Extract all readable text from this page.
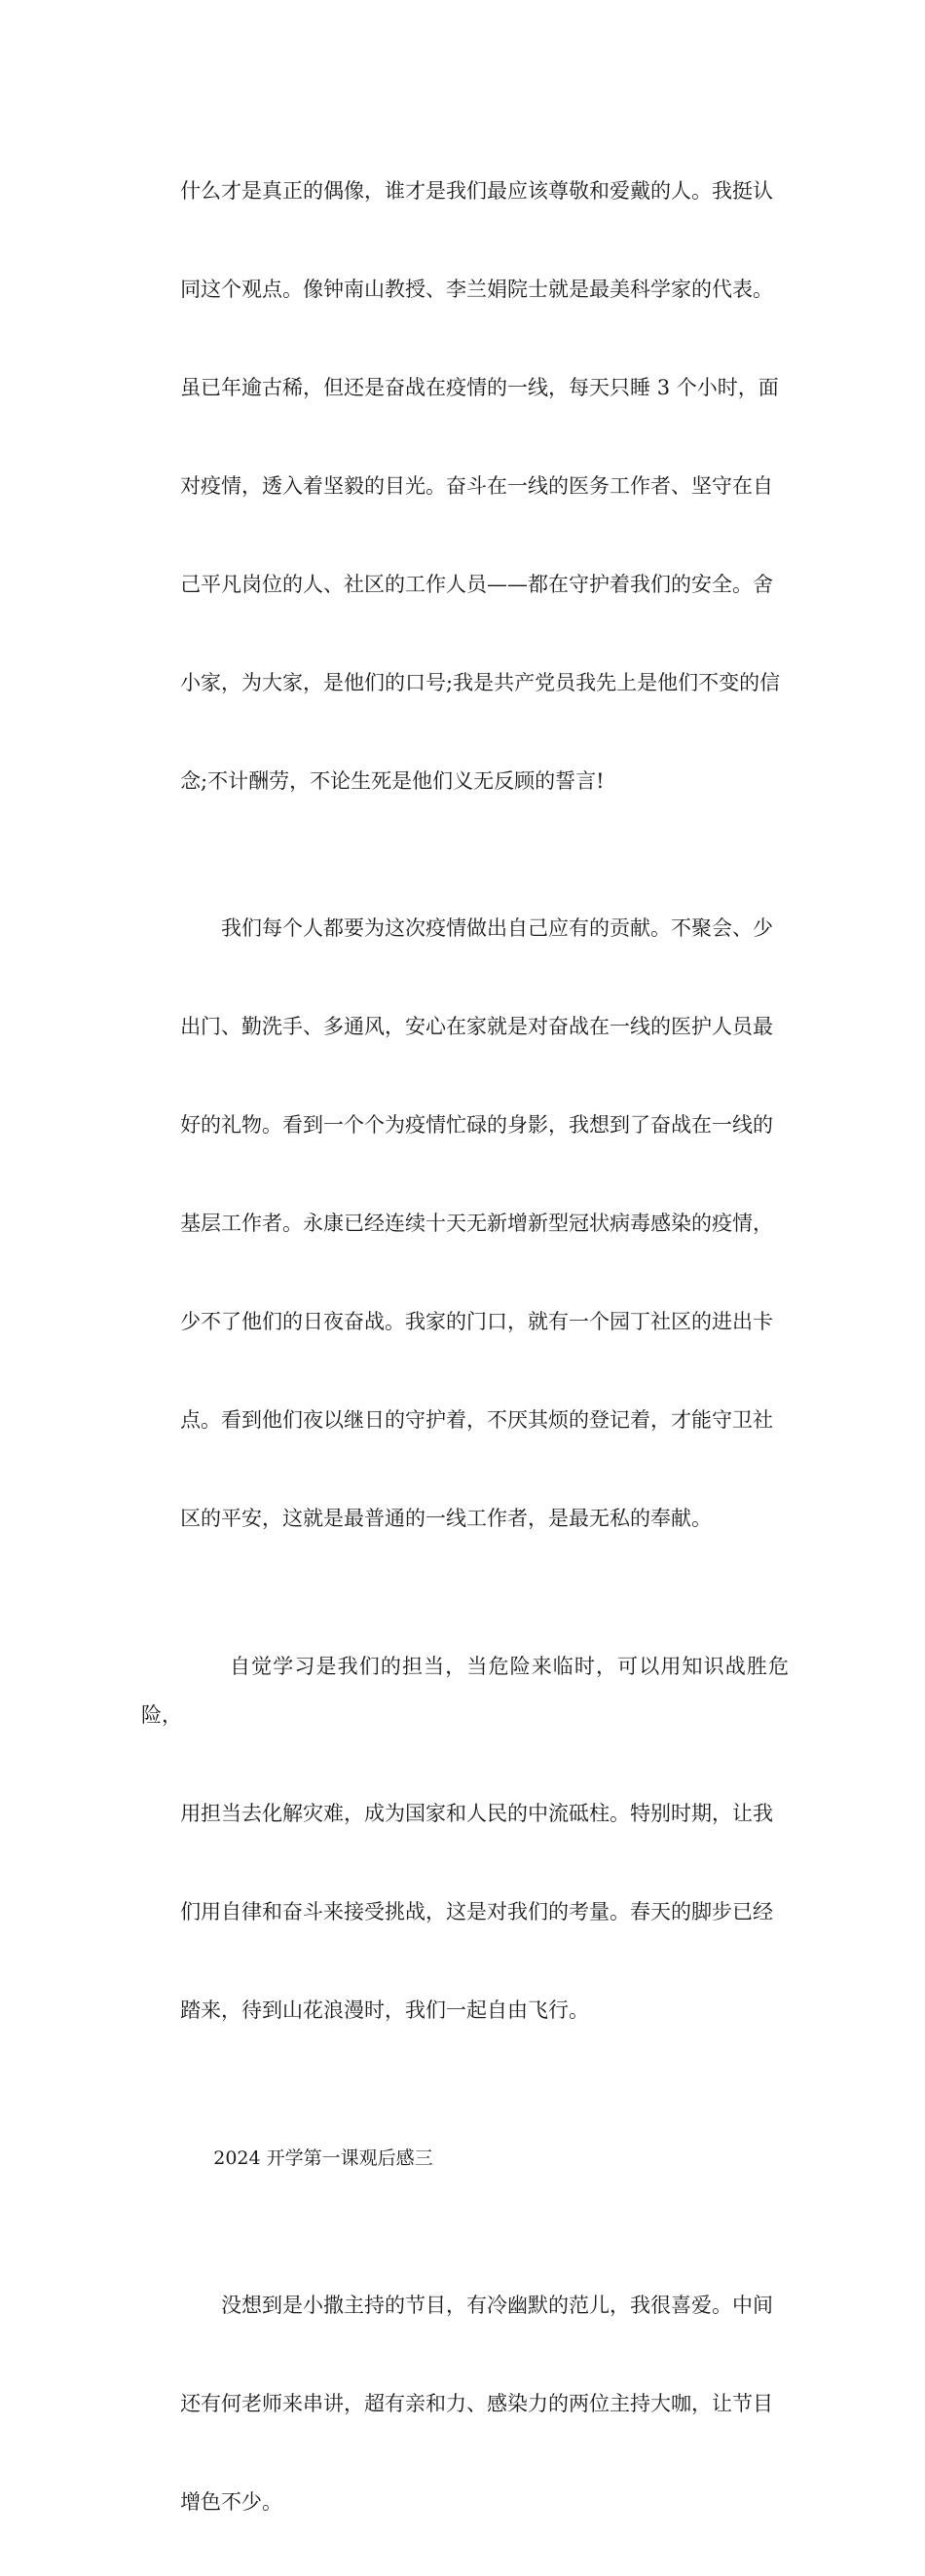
什么才是真正的偶像，谁才是我们最应该尊敬和爱戴的人。我挺认

同这个观点。像钟南山教授、李兰娟院士就是最美科学家的代表。

虽已年逾古稀，但还是奋战在疫情的一线，每天只睡 3 个小时，面

对疫情，透入着坚毅的目光。奋斗在一线的医务工作者、坚守在自

己平凡岗位的人、社区的工作人员——都在守护着我们的安全。舍

小家，为大家，是他们的口号;我是共产党员我先上是他们不变的信

念;不计酬劳，不论生死是他们义无反顾的誓言!

　　我们每个人都要为这次疫情做出自己应有的贡献。不聚会、少

出门、勤洗手、多通风，安心在家就是对奋战在一线的医护人员最

好的礼物。看到一个个为疫情忙碌的身影，我想到了奋战在一线的

基层工作者。永康已经连续十天无新增新型冠状病毒感染的疫情，

少不了他们的日夜奋战。我家的门口，就有一个园丁社区的进出卡

点。看到他们夜以继日的守护着，不厌其烦的登记着，才能守卫社

区的平安，这就是最普通的一线工作者，是最无私的奉献。

　　自觉学习是我们的担当，当危险来临时，可以用知识战胜危险，

用担当去化解灾难，成为国家和人民的中流砥柱。特别时期，让我

们用自律和奋斗来接受挑战，这是对我们的考量。春天的脚步已经

踏来，待到山花浪漫时，我们一起自由飞行。

　　2024 开学第一课观后感三

　　没想到是小撒主持的节目，有冷幽默的范儿，我很喜爱。中间

还有何老师来串讲，超有亲和力、感染力的两位主持大咖，让节目

增色不少。
